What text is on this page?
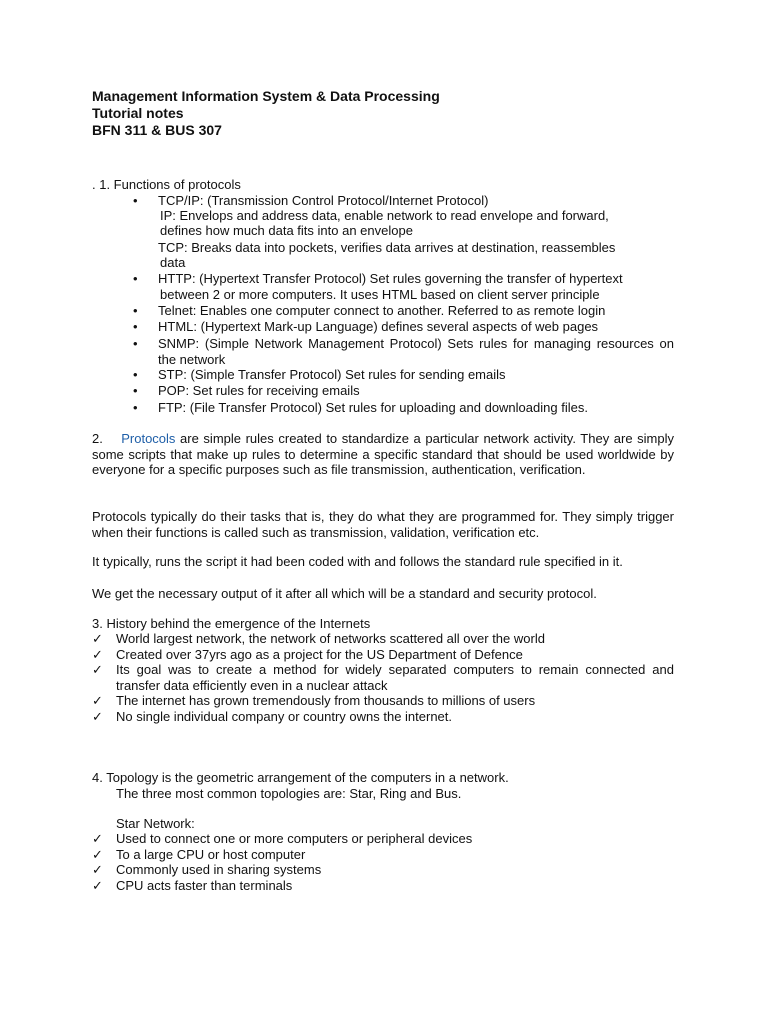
Management Information System & Data Processing
Tutorial notes
BFN 311 & BUS 307
. 1. Functions of protocols
• TCP/IP: (Transmission Control Protocol/Internet Protocol)
IP: Envelops and address data, enable network to read envelope and forward,
defines how much data fits into an envelope
TCP: Breaks data into pockets, verifies data arrives at destination, reassembles
data
• HTTP: (Hypertext Transfer Protocol) Set rules governing the transfer of hypertext
between 2 or more computers. It uses HTML based on client server principle
• Telnet: Enables one computer connect to another. Referred to as remote login
• HTML: (Hypertext Mark-up Language) defines several aspects of web pages
• SNMP: (Simple Network Management Protocol) Sets rules for managing resources on the network
• STP: (Simple Transfer Protocol) Set rules for sending emails
• POP: Set rules for receiving emails
• FTP: (File Transfer Protocol) Set rules for uploading and downloading files.
2. Protocols are simple rules created to standardize a particular network activity. They are simply some scripts that make up rules to determine a specific standard that should be used worldwide by everyone for a specific purposes such as file transmission, authentication, verification.
Protocols typically do their tasks that is, they do what they are programmed for. They simply trigger when their functions is called such as transmission, validation, verification etc.
It typically, runs the script it had been coded with and follows the standard rule specified in it.
We get the necessary output of it after all which will be a standard and security protocol.
3. History behind the emergence of the Internets
✓ World largest network, the network of networks scattered all over the world
✓ Created over 37yrs ago as a project for the US Department of Defence
✓ Its goal was to create a method for widely separated computers to remain connected and transfer data efficiently even in a nuclear attack
✓ The internet has grown tremendously from thousands to millions of users
✓ No single individual company or country owns the internet.
4. Topology is the geometric arrangement of the computers in a network.
The three most common topologies are: Star, Ring and Bus.
Star Network:
✓ Used to connect one or more computers or peripheral devices
✓ To a large CPU or host computer
✓ Commonly used in sharing systems
✓ CPU acts faster than terminals
